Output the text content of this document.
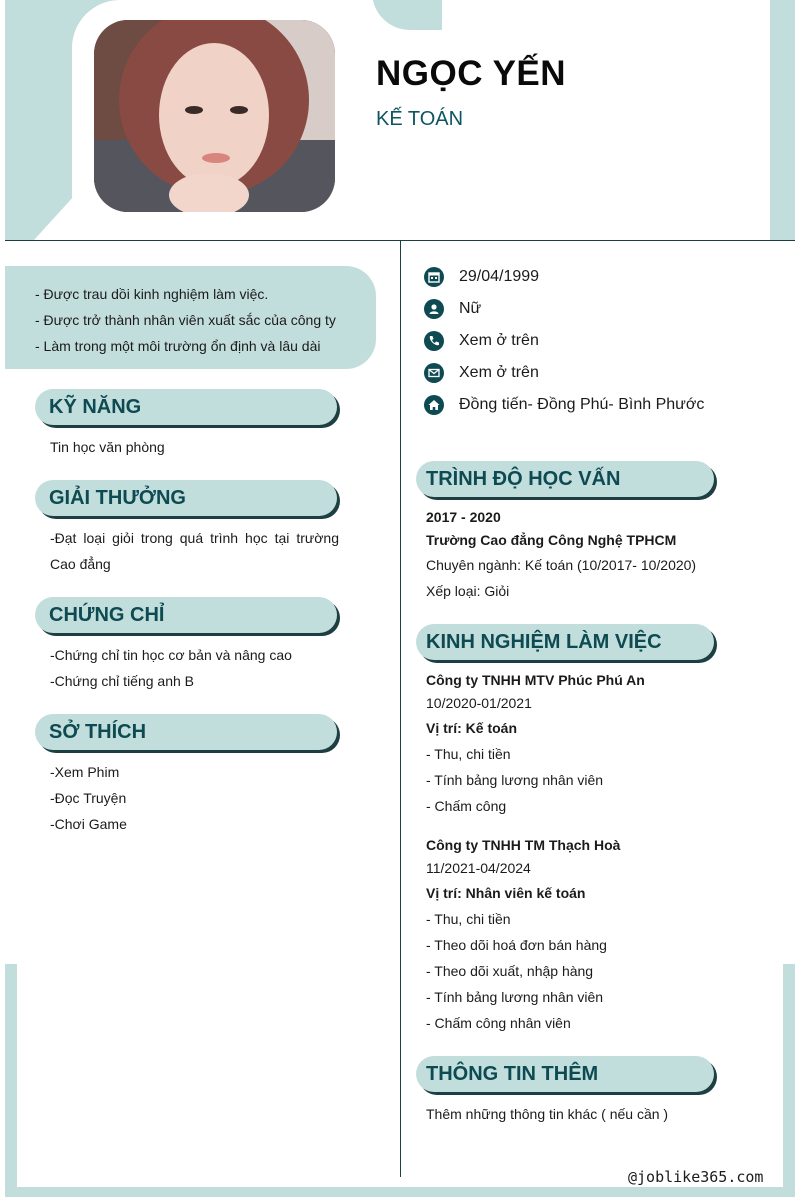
NGỌC YẾN
KẾ TOÁN
- Được trau dồi kinh nghiệm làm việc.
- Được trở thành nhân viên xuất sắc của công ty
- Làm trong một môi trường ổn định và lâu dài
KỸ NĂNG
Tin học văn phòng
GIẢI THƯỞNG
-Đạt loại giỏi trong quá trình học tại trường
Cao đẳng
CHỨNG CHỈ
-Chứng chỉ tin học cơ bản và nâng cao
-Chứng chỉ tiếng anh B
SỞ THÍCH
-Xem Phim
-Đọc Truyện
-Chơi Game
29/04/1999
Nữ
Xem ở trên
Xem ở trên
Đồng tiến- Đồng Phú- Bình Phước
TRÌNH ĐỘ HỌC VẤN
2017 - 2020
Trường Cao đẳng Công Nghệ TPHCM
Chuyên ngành: Kế toán (10/2017- 10/2020)
Xếp loại: Giỏi
KINH NGHIỆM LÀM VIỆC
Công ty TNHH MTV Phúc Phú An
10/2020-01/2021
Vị trí: Kế toán
- Thu, chi tiền
- Tính bảng lương nhân viên
- Chấm công
Công ty TNHH TM Thạch Hoà
11/2021-04/2024
Vị trí: Nhân viên kế toán
- Thu, chi tiền
- Theo dõi hoá đơn bán hàng
- Theo dõi xuất, nhập hàng
- Tính bảng lương nhân viên
- Chấm công nhân viên
THÔNG TIN THÊM
Thêm những thông tin khác ( nếu cần )
@joblike365.com
